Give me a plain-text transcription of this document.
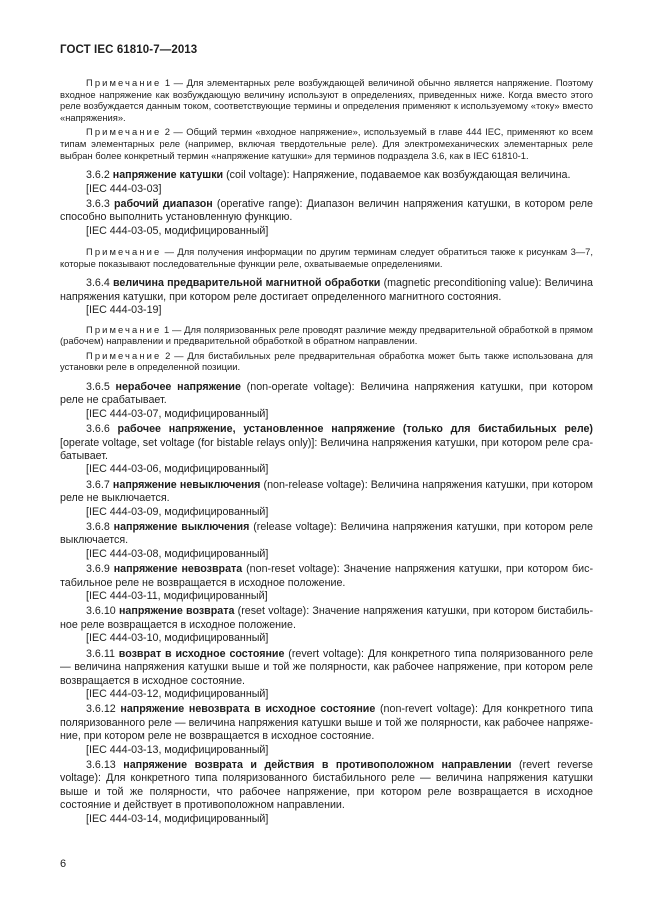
ГОСТ IEC 61810-7—2013

Примечание 1 — Для элементарных реле возбуждающей величиной обычно является напряжение. Поэтому входное напряжение как возбуждающую величину используют в определениях, приведенных ниже. Когда вместо этого реле возбуждается данным током, соответствующие термины и определения применяют к используемому «току» вместо «напряжения».

Примечание 2 — Общий термин «входное напряжение», используемый в главе 444 IEC, применяют ко всем типам элементарных реле (например, включая твердотельные реле). Для электромеханических элементарных реле выбран более конкретный термин «напряжение катушки» для терминов подраздела 3.6, как в IEC 61810-1.

3.6.2 напряжение катушки (coil voltage): Напряжение, подаваемое как возбуждающая величина.

[IEC 444-03-03]

3.6.3 рабочий диапазон (operative range): Диапазон величин напряжения катушки, в котором реле способно выполнить установленную функцию.

[IEC 444-03-05, модифицированный]

Примечание — Для получения информации по другим терминам следует обратиться также к рисункам 3—7, которые показывают последовательные функции реле, охватываемые определениями.

3.6.4 величина предварительной магнитной обработки (magnetic preconditioning value): Величина напряжения катушки, при котором реле достигает определенного магнитного состояния.

[IEC 444-03-19]

Примечание 1 — Для поляризованных реле проводят различие между предварительной обработкой в прямом (рабочем) направлении и предварительной обработкой в обратном направлении.

Примечание 2 — Для бистабильных реле предварительная обработка может быть также использована для установки реле в определенной позиции.

3.6.5 нерабочее напряжение (non-operate voltage): Величина напряжения катушки, при котором реле не срабатывает.

[IEC 444-03-07, модифицированный]

3.6.6 рабочее напряжение, установленное напряжение (только для бистабильных реле) [operate voltage, set voltage (for bistable relays only)]: Величина напряжения катушки, при котором реле срабатывает.

[IEC 444-03-06, модифицированный]

3.6.7 напряжение невыключения (non-release voltage): Величина напряжения катушки, при котором реле не выключается.

[IEC 444-03-09, модифицированный]

3.6.8 напряжение выключения (release voltage): Величина напряжения катушки, при котором реле выключается.

[IEC 444-03-08, модифицированный]

3.6.9 напряжение невозврата (non-reset voltage): Значение напряжения катушки, при котором бистабильное реле не возвращается в исходное положение.

[IEC 444-03-11, модифицированный]

3.6.10 напряжение возврата (reset voltage): Значение напряжения катушки, при котором бистабильное реле возвращается в исходное положение.

[IEC 444-03-10, модифицированный]

3.6.11 возврат в исходное состояние (revert voltage): Для конкретного типа поляризованного реле — величина напряжения катушки выше и той же полярности, как рабочее напряжение, при котором реле возвращается в исходное состояние.

[IEC 444-03-12, модифицированный]

3.6.12 напряжение невозврата в исходное состояние (non-revert voltage): Для конкретного типа поляризованного реле — величина напряжения катушки выше и той же полярности, как рабочее напряжение, при котором реле не возвращается в исходное состояние.

[IEC 444-03-13, модифицированный]

3.6.13 напряжение возврата и действия в противоположном направлении (revert reverse voltage): Для конкретного типа поляризованного бистабильного реле — величина напряжения катушки выше и той же полярности, что рабочее напряжение, при котором реле возвращается в исходное состояние и действует в противоположном направлении.

[IEC 444-03-14, модифицированный]

6
